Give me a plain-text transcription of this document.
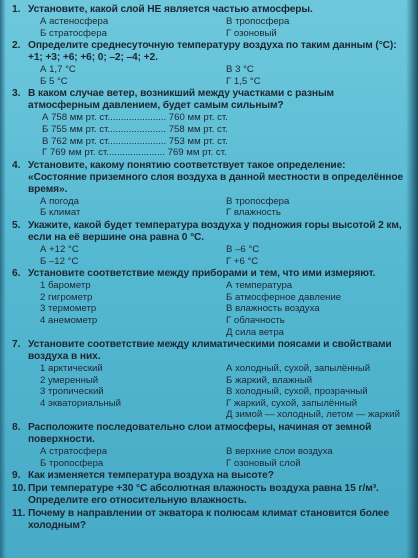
1. Установите, какой слой НЕ является частью атмосферы.

А астеносфера	В тропосфера
Б стратосфера	Г озоновый

2. Определите среднесуточную температуру воздуха по таким данным (°С): +1; +3; +6; +6; 0; –2; –4; +2.

А 1,7 °С	В 3 °С
Б 5 °С	Г 1,5 °С

3. В каком случае ветер, возникший между участками с разным атмосферным давлением, будет самым сильным?

А 758 мм рт. ст...................... 760 мм рт. ст.
Б 755 мм рт. ст...................... 758 мм рт. ст.
В 762 мм рт. ст...................... 753 мм рт. ст.
Г 769 мм рт. ст...................... 769 мм рт. ст.

4. Установите, какому понятию соответствует такое определение: «Состояние приземного слоя воздуха в данной местности в определённое время».

А погода	В тропосфера
Б климат	Г влажность

5. Укажите, какой будет температура воздуха у подножия горы высотой 2 км, если на её вершине она равна 0 °С.

А +12 °С	В –6 °С
Б –12 °С	Г +6 °С

6. Установите соответствие между приборами и тем, что ими измеряют.

1 барометр	А температура
2 гигрометр	Б атмосферное давление
3 термометр	В влажность воздуха
4 анемометр	Г облачность
Д сила ветра

7. Установите соответствие между климатическими поясами и свойствами воздуха в них.

1 арктический	А холодный, сухой, запылённый
2 умеренный	Б жаркий, влажный
3 тропический	В холодный, сухой, прозрачный
4 экваториальный	Г жаркий, сухой, запылённый
Д зимой — холодный, летом — жаркий

8. Расположите последовательно слои атмосферы, начиная от земной поверхности.

А стратосфера	В верхние слои воздуха
Б тропосфера	Г озоновый слой

9. Как изменяется температура воздуха на высоте?

10. При температуре +30 °С абсолютная влажность воздуха равна 15 г/м³. Определите его относительную влажность.

11. Почему в направлении от экватора к полюсам климат становится более холодным?
